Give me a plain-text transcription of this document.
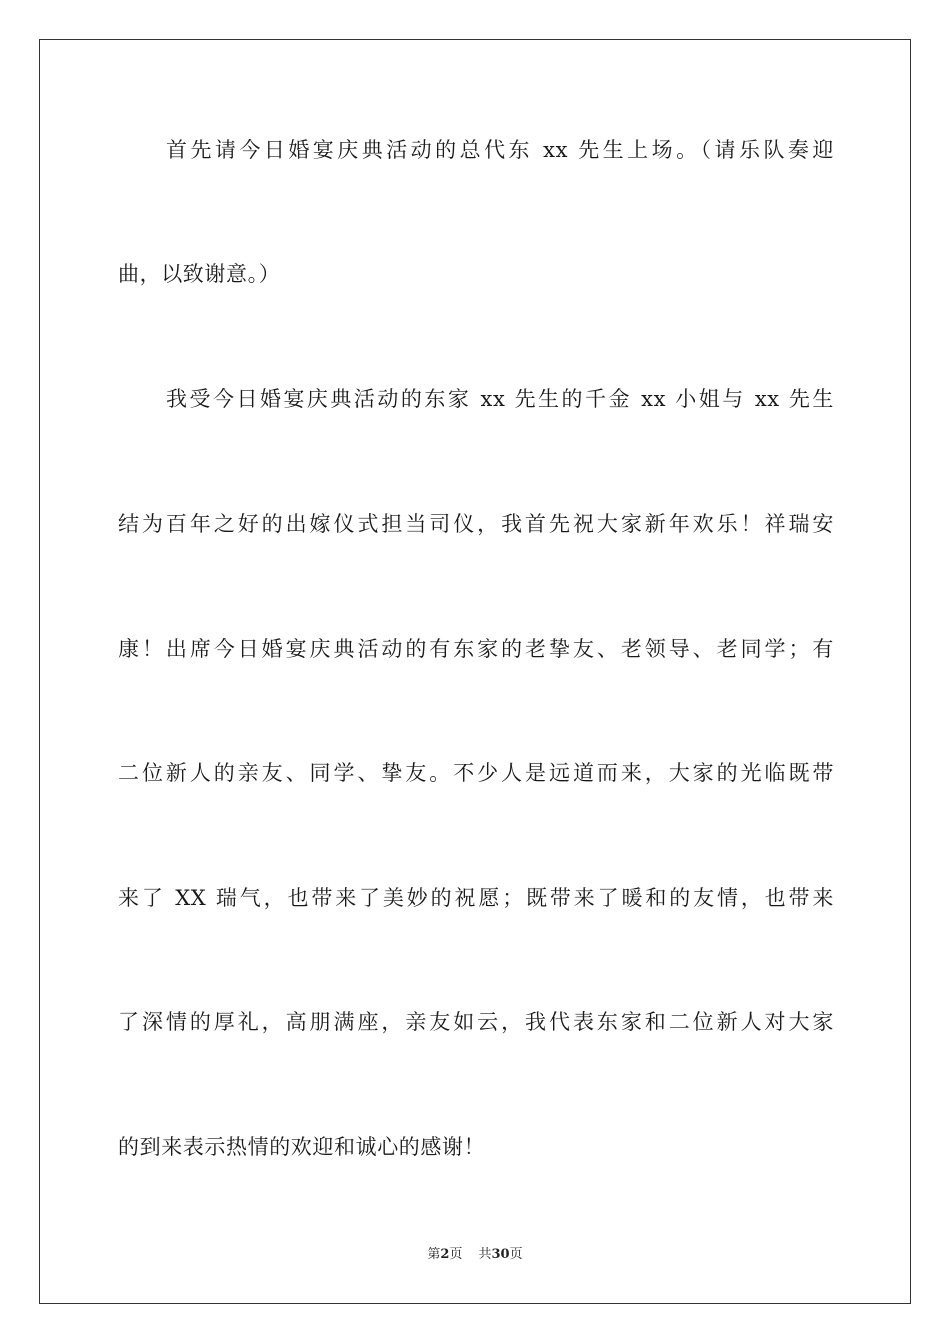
首先请今日婚宴庆典活动的总代东 xx 先生上场。（请乐队奏迎
曲，以致谢意。）
我受今日婚宴庆典活动的东家 xx 先生的千金 xx 小姐与 xx 先生
结为百年之好的出嫁仪式担当司仪，我首先祝大家新年欢乐！祥瑞安
康！出席今日婚宴庆典活动的有东家的老挚友、老领导、老同学；有
二位新人的亲友、同学、挚友。不少人是远道而来，大家的光临既带
来了 XX 瑞气，也带来了美妙的祝愿；既带来了暖和的友情，也带来
了深情的厚礼，高朋满座，亲友如云，我代表东家和二位新人对大家
的到来表示热情的欢迎和诚心的感谢！
第2页 共30页
